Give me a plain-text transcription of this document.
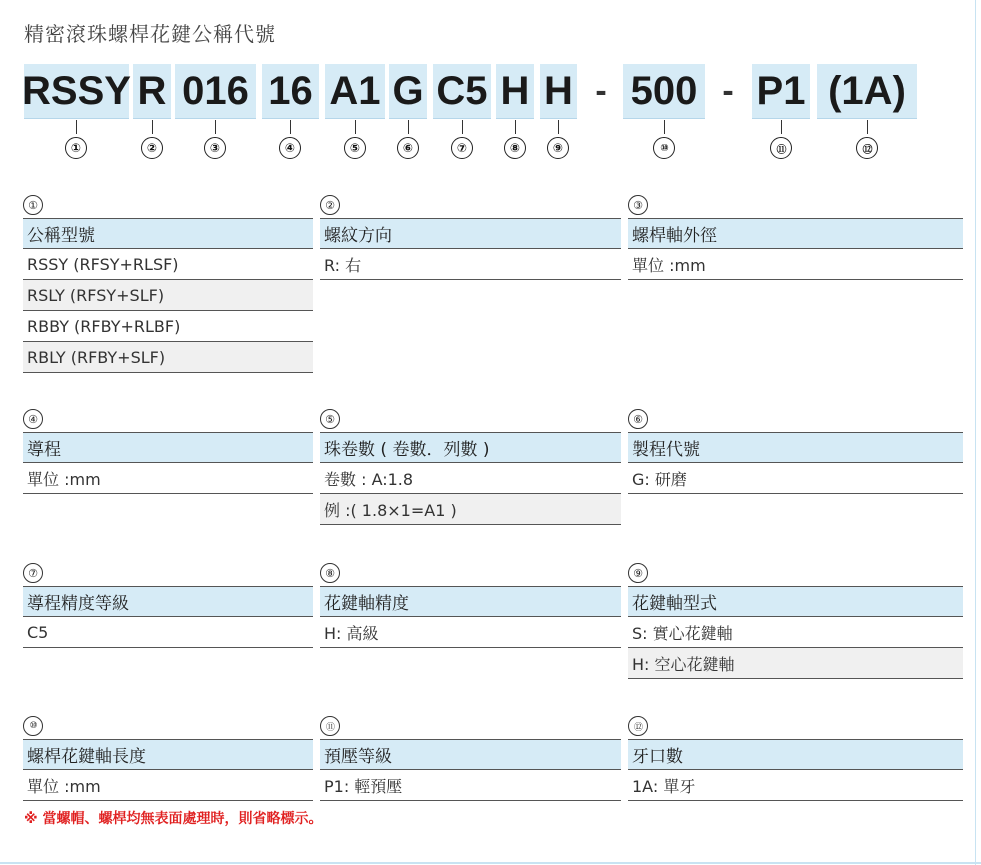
精密滾珠螺桿花鍵公稱代號
RSSY R 016 16 A1 G C5 H H - 500 - P1 (1A)
①	②	③	④	⑤	⑥	⑦	⑧	⑨	⑩	⑪	⑫
①
公稱型號
RSSY (RFSY+RLSF)
RSLY (RFSY+SLF)
RBBY (RFBY+RLBF)
RBLY (RFBY+SLF)
②
螺紋方向
R: 右
③
螺桿軸外徑
單位 :mm
④
導程
單位 :mm
⑤
珠卷數 ( 卷數．列數 )
卷數 : A:1.8
例 :( 1.8×1=A1 )
⑥
製程代號
G: 研磨
⑦
導程精度等級
C5
⑧
花鍵軸精度
H: 高級
⑨
花鍵軸型式
S: 實心花鍵軸
H: 空心花鍵軸
⑩
螺桿花鍵軸長度
單位 :mm
⑪
預壓等級
P1: 輕預壓
⑫
牙口數
1A: 單牙
※ 當螺帽、螺桿均無表面處理時，則省略標示。
